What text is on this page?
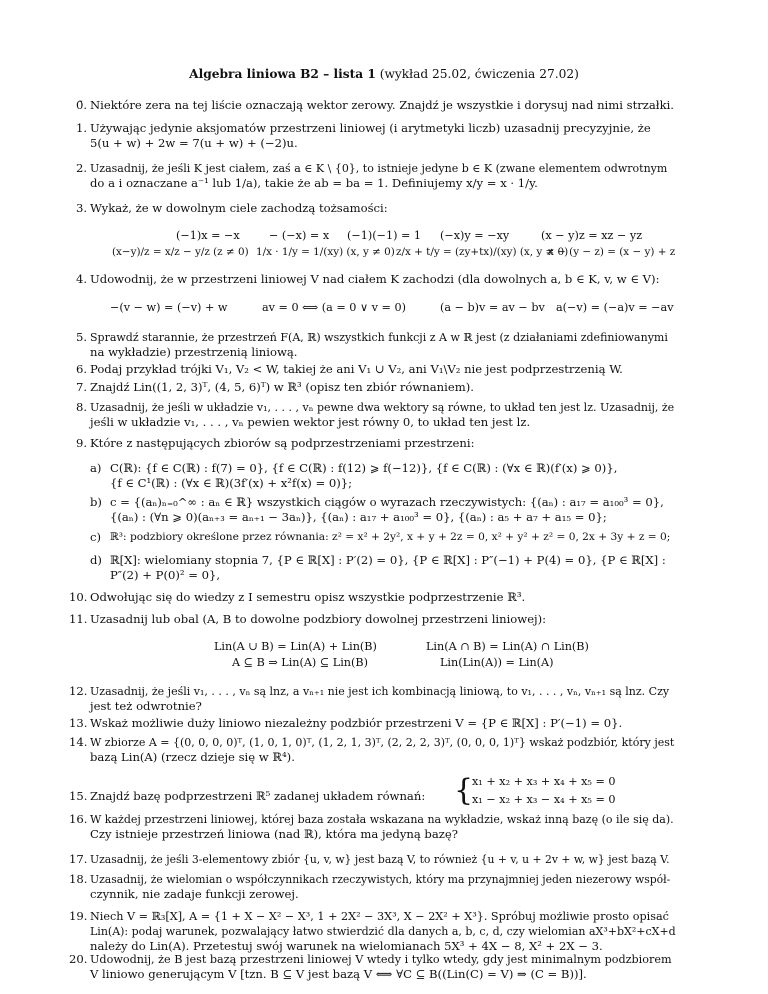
Algebra liniowa B2 – lista 1 (wykład 25.02, ćwiczenia 27.02)
0̄. Niektóre zera na tej liście oznaczają wektor zerowy. Znajdź je wszystkie i dorysuj nad nimi strzałki.
1. Używając jedynie aksjomatów przestrzeni liniowej (i arytmetyki liczb) uzasadnij precyzyjnie, że
5(u + w) + 2w = 7(u + w) + (−2)u.
2. Uzasadnij, że jeśli K jest ciałem, zaś a ∈ K \ {0}, to istnieje jedyne b ∈ K (zwane elementem odwrotnym
do a i oznaczane a⁻¹ lub 1/a), takie że ab = ba = 1. Definiujemy x/y = x · 1/y.
3. Wykaż, że w dowolnym ciele zachodzą tożsamości:
(−1)x = −x	− (−x) = x (−1)(−1) = 1 (−x)y = −xy	(x − y)z = xz − yz
(x−y)/z = x/z − y/z (z ≠ 0) 1/x · 1/y = 1/(xy) (x, y ≠ 0) z/x + t/y = (zy+tx)/(xy) (x, y ≠ 0)
x − (y − z) = (x − y) + z
4. Udowodnij, że w przestrzeni liniowej V nad ciałem K zachodzi (dla dowolnych a, b ∈ K, v, w ∈ V):
−(v − w) = (−v) + w	av = 0 ⟺ (a = 0 ∨ v = 0)	(a − b)v = av − bv a(−v) = (−a)v = −av
5. Sprawdź starannie, że przestrzeń F(A, ℝ) wszystkich funkcji z A w ℝ jest (z działaniami zdefiniowanymi
na wykładzie) przestrzenią liniową.
6. Podaj przykład trójki V₁, V₂ < W, takiej że ani V₁ ∪ V₂, ani V₁\V₂ nie jest podprzestrzenią W.
7. Znajdź Lin((1, 2, 3)ᵀ, (4, 5, 6)ᵀ) w ℝ³ (opisz ten zbiór równaniem).
8. Uzasadnij, że jeśli w układzie v₁, . . . , vₙ pewne dwa wektory są równe, to układ ten jest lz. Uzasadnij, że
jeśli w układzie v₁, . . . , vₙ pewien wektor jest równy 0, to układ ten jest lz.
9. Które z następujących zbiorów są podprzestrzeniami przestrzeni:
a) C(ℝ): {f ∈ C(ℝ) : f(7) = 0}, {f ∈ C(ℝ) : f(12) ⩾ f(−12)}, {f ∈ C(ℝ) : (∀x ∈ ℝ)(f′(x) ⩾ 0)},
{f ∈ C¹(ℝ) : (∀x ∈ ℝ)(3f′(x) + x²f(x) = 0)};
b) c = {(aₙ)ₙ₌₀^∞ : aₙ ∈ ℝ} wszystkich ciągów o wyrazach rzeczywistych: {(aₙ) : a₁₇ = a₁₀₀³ = 0},
{(aₙ) : (∀n ⩾ 0)(aₙ₊₃ = aₙ₊₁ − 3aₙ)}, {(aₙ) : a₁₇ + a₁₀₀³ = 0}, {(aₙ) : a₅ + a₇ + a₁₅ = 0};
c) ℝ³: podzbiory określone przez równania: z² = x² + 2y², x + y + 2z = 0, x² + y² + z² = 0, 2x + 3y + z = 0;
d) ℝ[X]: wielomiany stopnia 7, {P ∈ ℝ[X] : P′(2) = 0}, {P ∈ ℝ[X] : P″(−1) + P(4) = 0}, {P ∈ ℝ[X] :
P″(2) + P(0)² = 0},
10. Odwołując się do wiedzy z I semestru opisz wszystkie podprzestrzenie ℝ³.
11. Uzasadnij lub obal (A, B to dowolne podzbiory dowolnej przestrzeni liniowej):
Lin(A ∪ B) = Lin(A) + Lin(B)	Lin(A ∩ B) = Lin(A) ∩ Lin(B)
A ⊆ B ⇒ Lin(A) ⊆ Lin(B)	Lin(Lin(A)) = Lin(A)
12. Uzasadnij, że jeśli v₁, . . . , vₙ są lnz, a vₙ₊₁ nie jest ich kombinacją liniową, to v₁, . . . , vₙ, vₙ₊₁ są lnz. Czy
jest też odwrotnie?
13. Wskaż możliwie duży liniowo niezależny podzbiór przestrzeni V = {P ∈ ℝ[X] : P′(−1) = 0}.
14. W zbiorze A = {(0, 0, 0, 0)ᵀ, (1, 0, 1, 0)ᵀ, (1, 2, 1, 3)ᵀ, (2, 2, 2, 3)ᵀ, (0, 0, 0, 1)ᵀ} wskaż podzbiór, który jest
bazą Lin(A) (rzecz dzieje się w ℝ⁴).
15. Znajdź bazę podprzestrzeni ℝ⁵ zadanej układem równań: {
x₁ + x₂ + x₃ + x₄ + x₅ = 0
x₁ − x₂ + x₃ − x₄ + x₅ = 0
16. W każdej przestrzeni liniowej, której baza została wskazana na wykładzie, wskaż inną bazę (o ile się da).
Czy istnieje przestrzeń liniowa (nad ℝ), która ma jedyną bazę?
17. Uzasadnij, że jeśli 3-elementowy zbiór {u, v, w} jest bazą V, to również {u + v, u + 2v + w, w} jest bazą V.
18. Uzasadnij, że wielomian o współczynnikach rzeczywistych, który ma przynajmniej jeden niezerowy współ-
czynnik, nie zadaje funkcji zerowej.
19. Niech V = ℝ₃[X], A = {1 + X − X² − X³, 1 + 2X² − 3X³, X − 2X² + X³}. Spróbuj możliwie prosto opisać
Lin(A): podaj warunek, pozwalający łatwo stwierdzić dla danych a, b, c, d, czy wielomian aX³+bX²+cX+d
należy do Lin(A). Przetestuj swój warunek na wielomianach 5X³ + 4X − 8, X² + 2X − 3.
20. Udowodnij, że B jest bazą przestrzeni liniowej V wtedy i tylko wtedy, gdy jest minimalnym podzbiorem
V liniowo generującym V [tzn. B ⊆ V jest bazą V ⟺ ∀C ⊆ B((Lin(C) = V) ⇒ (C = B))].
